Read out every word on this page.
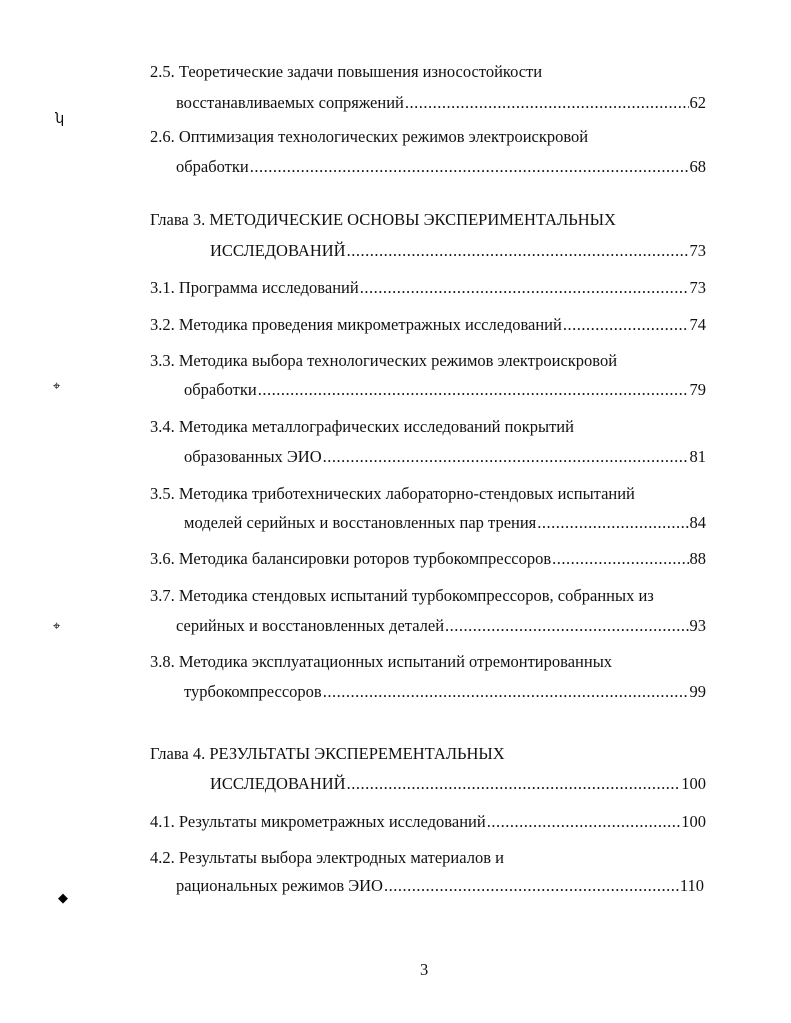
2.5. Теоретические задачи повышения износостойкости
восстанавливаемых сопряжений .....	62
2.6. Оптимизация технологических режимов электроискровой
обработки .....	68
Глава 3. МЕТОДИЧЕСКИЕ ОСНОВЫ ЭКСПЕРИМЕНТАЛЬНЫХ
ИССЛЕДОВАНИЙ .....	73
3.1. Программа исследований .....	73
3.2. Методика проведения микрометражных исследований .....	74
3.3. Методика выбора технологических режимов электроискровой
обработки .....	79
3.4. Методика металлографических исследований покрытий
образованных ЭИО .....	81
3.5. Методика триботехнических лабораторно-стендовых испытаний
моделей серийных и восстановленных пар трения .....	84
3.6. Методика балансировки роторов турбокомпрессоров .....	88
3.7. Методика стендовых испытаний турбокомпрессоров, собранных из
серийных и восстановленных деталей .....	93
3.8. Методика эксплуатационных испытаний отремонтированных
турбокомпрессоров .....	99
Глава 4. РЕЗУЛЬТАТЫ ЭКСПЕРЕМЕНТАЛЬНЫХ
ИССЛЕДОВАНИЙ .....	100
4.1. Результаты микрометражных исследований .....	100
4.2. Результаты выбора электродных материалов и
рациональных режимов ЭИО .....	110
3
ʮ
⌖
⌖
◆
